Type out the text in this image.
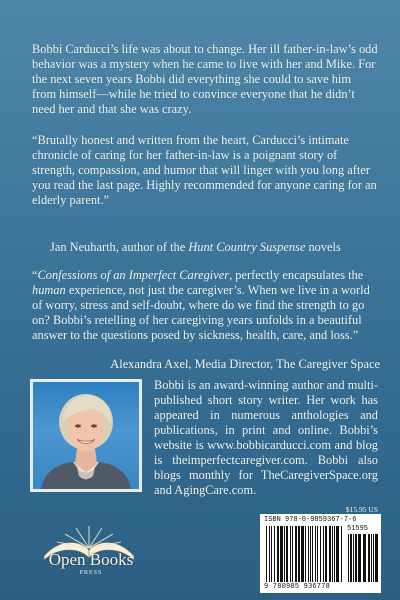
Bobbi Carducci’s life was about to change. Her ill father-in-law’s odd behavior was a mystery when he came to live with her and Mike. For the next seven years Bobbi did everything she could to save him from himself—while he tried to convince everyone that he didn’t need her and that she was crazy.
“Brutally honest and written from the heart, Carducci’s intimate chronicle of caring for her father-in-law is a poignant story of strength, compassion, and humor that will linger with you long after you read the last page. Highly recommended for anyone caring for an elderly parent.”
Jan Neuharth, author of the Hunt Country Suspense novels
“Confessions of an Imperfect Caregiver, perfectly encapsulates the human experience, not just the caregiver’s. When we live in a world of worry, stress and self-doubt, where do we find the strength to go on? Bobbi’s retelling of her caregiving years unfolds in a beautiful answer to the questions posed by sickness, health, care, and loss.”
Alexandra Axel, Media Director, The Caregiver Space
Bobbi is an award-winning author and multi-published short story writer. Her work has appeared in numerous anthologies and publications, in print and online. Bobbi’s website is www.bobbicarducci.com and blog is theimperfectcaregiver.com. Bobbi also blogs monthly for TheCaregiverSpace.org and AgingCare.com.
$15.95 US
ISBN 978-0-9859367-7-6
51595
9 780985 936778
Open Books
PRESS
